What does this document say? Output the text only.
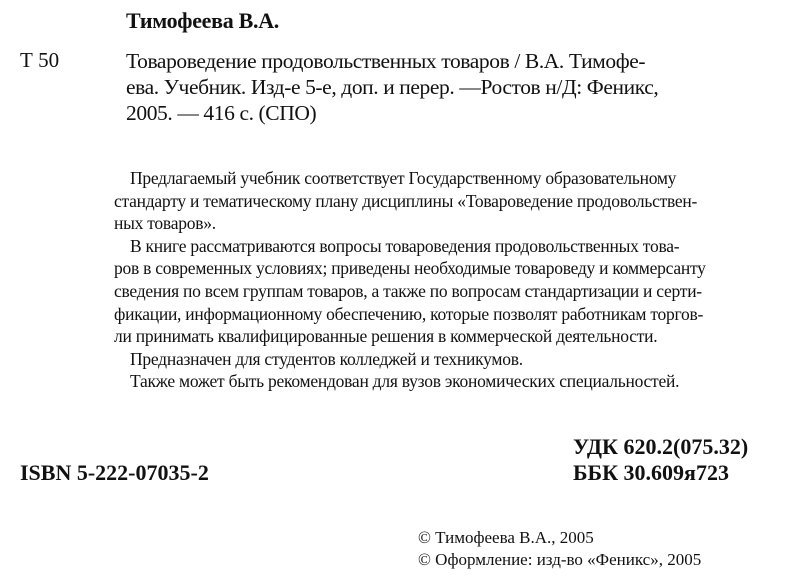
Тимофеева В.А.
Т 50	Товароведение продовольственных товаров / В.А. Тимофе-
ева. Учебник. Изд-е 5-е, доп. и перер. —Ростов н/Д: Феникс,
2005. — 416 с. (СПО)
Предлагаемый учебник соответствует Государственному образовательному
стандарту и тематическому плану дисциплины «Товароведение продовольствен-
ных товаров».
В книге рассматриваются вопросы товароведения продовольственных това-
ров в современных условиях; приведены необходимые товароведу и коммерсанту
сведения по всем группам товаров, а также по вопросам стандартизации и серти-
фикации, информационному обеспечению, которые позволят работникам торгов-
ли принимать квалифицированные решения в коммерческой деятельности.
Предназначен для студентов колледжей и техникумов.
Также может быть рекомендован для вузов экономических специальностей.
УДК 620.2(075.32)
ББК 30.609я723
ISBN 5-222-07035-2
© Тимофеева В.А., 2005
© Оформление: изд-во «Феникс», 2005
